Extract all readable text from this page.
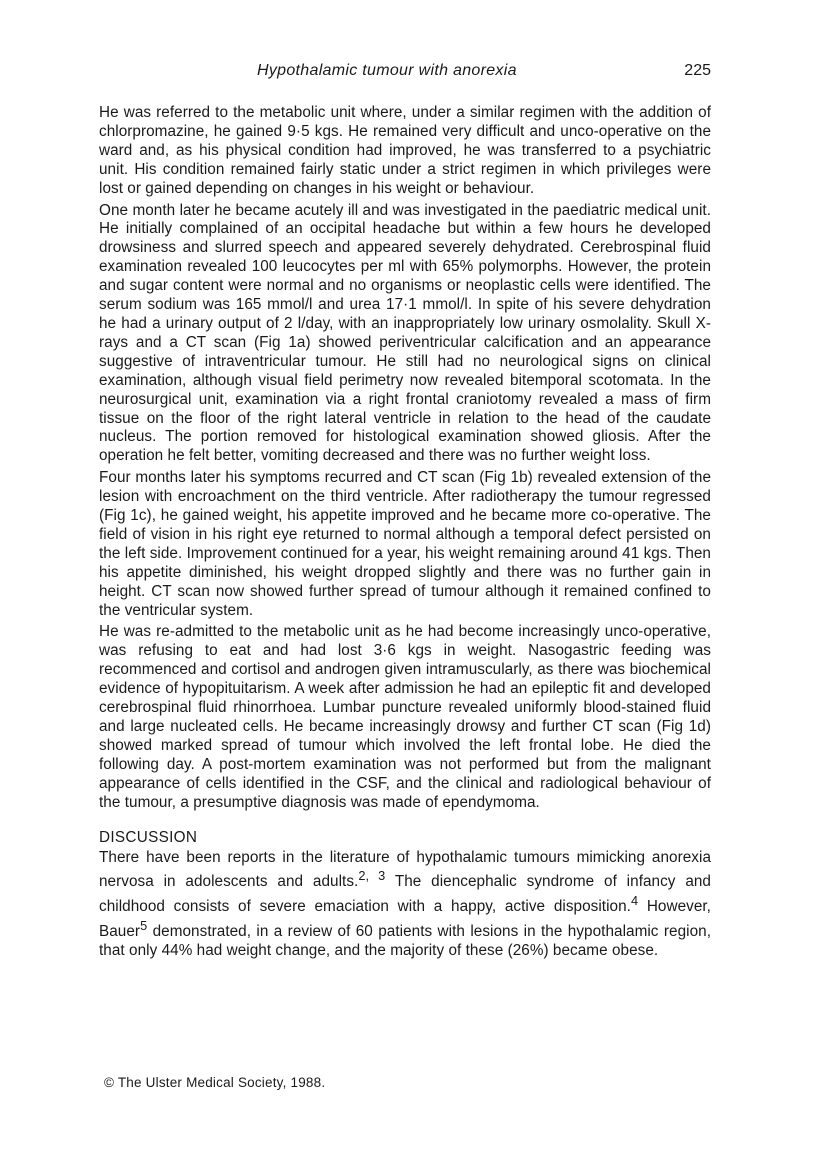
Hypothalamic tumour with anorexia	225

He was referred to the metabolic unit where, under a similar regimen with the addition of chlorpromazine, he gained 9·5 kgs. He remained very difficult and unco-operative on the ward and, as his physical condition had improved, he was transferred to a psychiatric unit. His condition remained fairly static under a strict regimen in which privileges were lost or gained depending on changes in his weight or behaviour.

One month later he became acutely ill and was investigated in the paediatric medical unit. He initially complained of an occipital headache but within a few hours he developed drowsiness and slurred speech and appeared severely dehydrated. Cerebrospinal fluid examination revealed 100 leucocytes per ml with 65% polymorphs. However, the protein and sugar content were normal and no organisms or neoplastic cells were identified. The serum sodium was 165 mmol/l and urea 17·1 mmol/l. In spite of his severe dehydration he had a urinary output of 2 l/day, with an inappropriately low urinary osmolality. Skull X-rays and a CT scan (Fig 1a) showed periventricular calcification and an appearance suggestive of intraventricular tumour. He still had no neurological signs on clinical examination, although visual field perimetry now revealed bitemporal scotomata. In the neurosurgical unit, examination via a right frontal craniotomy revealed a mass of firm tissue on the floor of the right lateral ventricle in relation to the head of the caudate nucleus. The portion removed for histological examination showed gliosis. After the operation he felt better, vomiting decreased and there was no further weight loss.

Four months later his symptoms recurred and CT scan (Fig 1b) revealed extension of the lesion with encroachment on the third ventricle. After radiotherapy the tumour regressed (Fig 1c), he gained weight, his appetite improved and he became more co-operative. The field of vision in his right eye returned to normal although a temporal defect persisted on the left side. Improvement continued for a year, his weight remaining around 41 kgs. Then his appetite diminished, his weight dropped slightly and there was no further gain in height. CT scan now showed further spread of tumour although it remained confined to the ventricular system.

He was re-admitted to the metabolic unit as he had become increasingly unco-operative, was refusing to eat and had lost 3·6 kgs in weight. Nasogastric feeding was recommenced and cortisol and androgen given intramuscularly, as there was biochemical evidence of hypopituitarism. A week after admission he had an epileptic fit and developed cerebrospinal fluid rhinorrhoea. Lumbar puncture revealed uniformly blood-stained fluid and large nucleated cells. He became increasingly drowsy and further CT scan (Fig 1d) showed marked spread of tumour which involved the left frontal lobe. He died the following day. A post-mortem examination was not performed but from the malignant appearance of cells identified in the CSF, and the clinical and radiological behaviour of the tumour, a presumptive diagnosis was made of ependymoma.

DISCUSSION

There have been reports in the literature of hypothalamic tumours mimicking anorexia nervosa in adolescents and adults.$^{2, 3}$ The diencephalic syndrome of infancy and childhood consists of severe emaciation with a happy, active disposition.$^4$ However, Bauer$^5$ demonstrated, in a review of 60 patients with lesions in the hypothalamic region, that only 44% had weight change, and the majority of these (26%) became obese.

© The Ulster Medical Society, 1988.
